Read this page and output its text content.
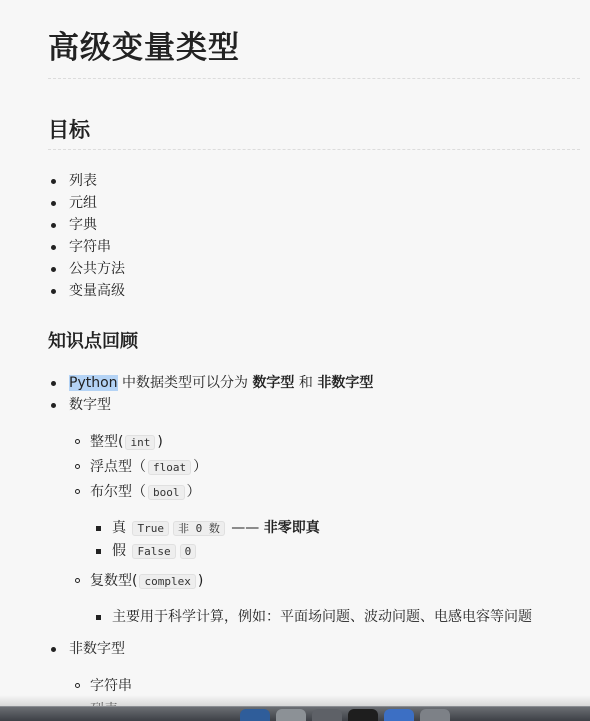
高级变量类型
目标
列表
元组
字典
字符串
公共方法
变量高级
知识点回顾
Python 中数据类型可以分为 数字型 和 非数字型
数字型
整型( int )
浮点型（ float ）
布尔型（ bool ）
真 True 非 0 数 —— 非零即真
假 False 0
复数型( complex )
主要用于科学计算，例如：平面场问题、波动问题、电感电容等问题
非数字型
字符串
